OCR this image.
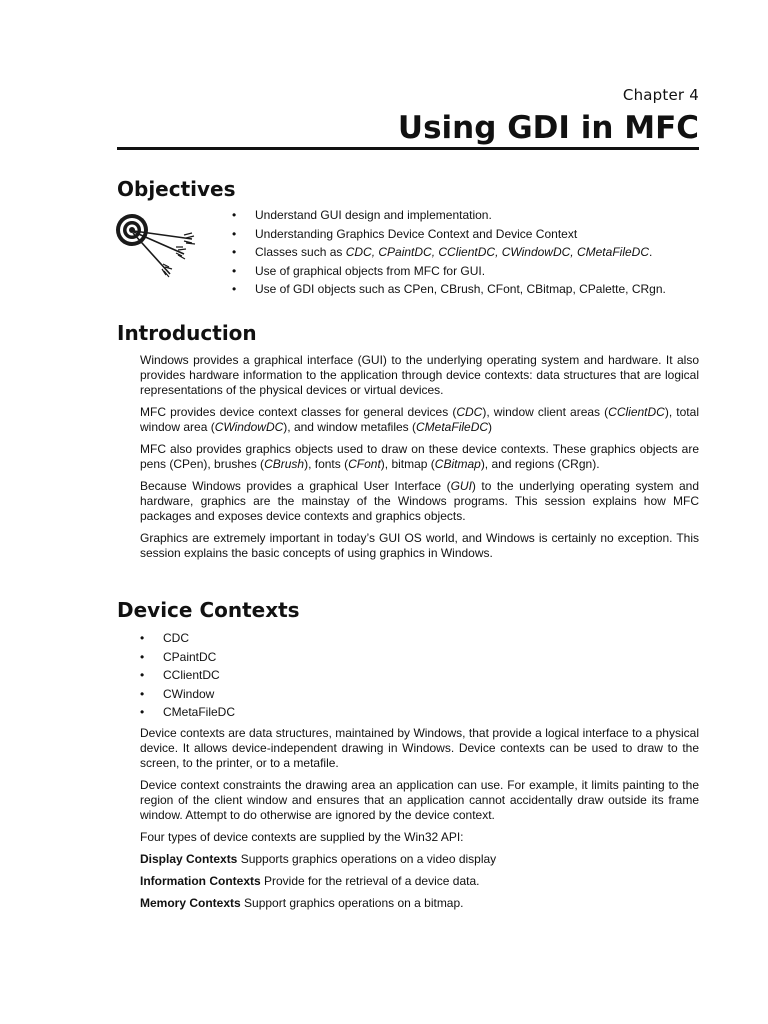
Chapter 4
Using GDI in MFC
Objectives
• Understand GUI design and implementation.
• Understanding Graphics Device Context and Device Context
• Classes such as CDC, CPaintDC, CClientDC, CWindowDC, CMetaFileDC.
• Use of graphical objects from MFC for GUI.
• Use of GDI objects such as CPen, CBrush, CFont, CBitmap, CPalette, CRgn.
Introduction

Windows provides a graphical interface (GUI) to the underlying operating system and hardware. It also provides hardware information to the application through device contexts: data structures that are logical representations of the physical devices or virtual devices.

MFC provides device context classes for general devices (CDC), window client areas (CClientDC), total window area (CWindowDC), and window metafiles (CMetaFileDC)

MFC also provides graphics objects used to draw on these device contexts. These graphics objects are pens (CPen), brushes (CBrush), fonts (CFont), bitmap (CBitmap), and regions (CRgn).

Because Windows provides a graphical User Interface (GUI) to the underlying operating system and hardware, graphics are the mainstay of the Windows programs. This session explains how MFC packages and exposes device contexts and graphics objects.

Graphics are extremely important in today’s GUI OS world, and Windows is certainly no exception. This session explains the basic concepts of using graphics in Windows.

Device Contexts
• CDC
• CPaintDC
• CClientDC
• CWindow
• CMetaFileDC

Device contexts are data structures, maintained by Windows, that provide a logical interface to a physical device. It allows device-independent drawing in Windows. Device contexts can be used to draw to the screen, to the printer, or to a metafile.

Device context constraints the drawing area an application can use. For example, it limits painting to the region of the client window and ensures that an application cannot accidentally draw outside its frame window. Attempt to do otherwise are ignored by the device context.

Four types of device contexts are supplied by the Win32 API:

Display Contexts Supports graphics operations on a video display

Information Contexts Provide for the retrieval of a device data.

Memory Contexts Support graphics operations on a bitmap.
